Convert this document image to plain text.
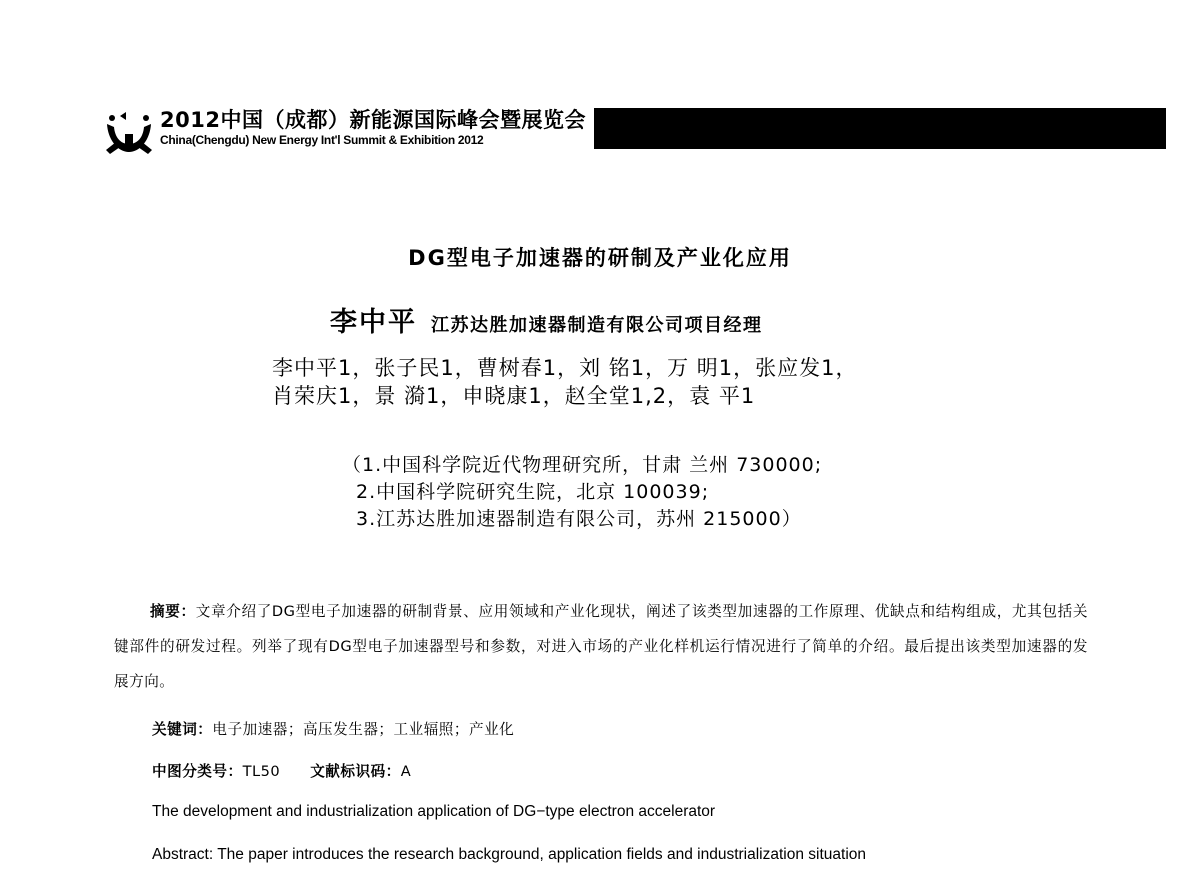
2012中国（成都）新能源国际峰会暨展览会
China(Chengdu) New Energy Int'l Summit & Exhibition 2012
DG型电子加速器的研制及产业化应用
李中平 江苏达胜加速器制造有限公司项目经理
李中平1，张子民1，曹树春1，刘 铭1，万 明1，张应发1，
肖荣庆1，景 漪1，申晓康1，赵全堂1,2，袁 平1
（1.中国科学院近代物理研究所，甘肃 兰州 730000;
2.中国科学院研究生院，北京 100039;
3.江苏达胜加速器制造有限公司，苏州 215000）
摘要：文章介绍了DG型电子加速器的研制背景、应用领域和产业化现状，阐述了该类型加速器的工作原理、优缺点和结构组成，尤其包括关键部件的研发过程。列举了现有DG型电子加速器型号和参数，对进入市场的产业化样机运行情况进行了简单的介绍。最后提出该类型加速器的发展方向。
关键词：电子加速器；高压发生器；工业辐照；产业化
中图分类号：TL50 文献标识码：A
The development and industrialization application of DG−type electron accelerator
Abstract: The paper introduces the research background, application fields and industrialization situation
